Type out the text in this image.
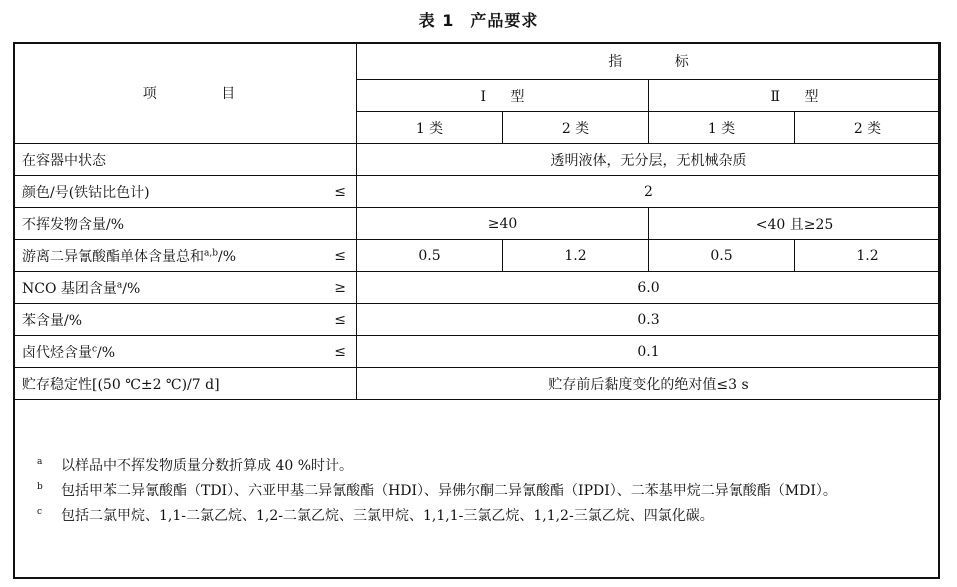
表 1 产品要求
项 目	指 标			
	Ⅰ 型		Ⅱ 型	
	1 类	2 类	1 类	2 类
在容器中状态	透明液体，无分层，无机械杂质			
颜色/号(铁钴比色计) ≤	2			
不挥发物含量/%	≥40		<40 且≥25	
游离二异氰酸酯单体含量总和$^{a,b}$/% ≤	0.5	1.2	0.5	1.2
NCO 基团含量$^a$/% ≥	6.0			
苯含量/% ≤	0.3			
卤代烃含量$^c$/% ≤	0.1			
贮存稳定性[(50 ℃±2 ℃)/7 d]	贮存前后黏度变化的绝对值≤3 s			
a 以样品中不挥发物质量分数折算成 40 %时计。
b 包括甲苯二异氰酸酯（TDI）、六亚甲基二异氰酸酯（HDI）、异佛尔酮二异氰酸酯（IPDI）、二苯基甲烷二异氰酸酯（MDI）。
c 包括二氯甲烷、1,1-二氯乙烷、1,2-二氯乙烷、三氯甲烷、1,1,1-三氯乙烷、1,1,2-三氯乙烷、四氯化碳。
